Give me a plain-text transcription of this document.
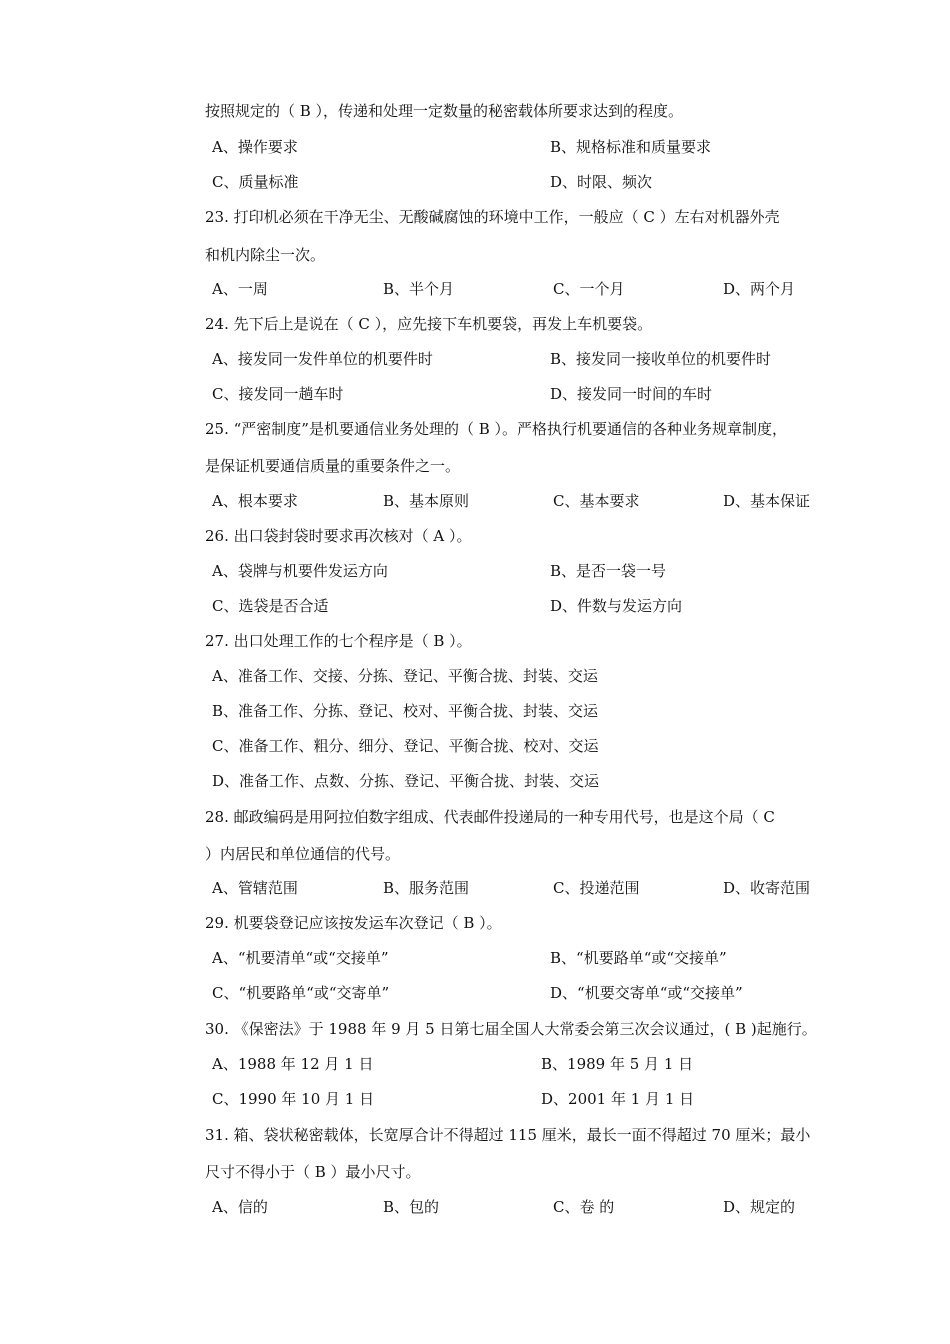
按照规定的（ B ），传递和处理一定数量的秘密载体所要求达到的程度。
A、操作要求	B、规格标准和质量要求
C、质量标准	D、时限、频次
23. 打印机必须在干净无尘、无酸碱腐蚀的环境中工作，一般应（ C ）左右对机器外壳
和机内除尘一次。
A、一周	B、半个月	C、一个月	D、两个月
24. 先下后上是说在（ C ），应先接下车机要袋，再发上车机要袋。
A、接发同一发件单位的机要件时	B、接发同一接收单位的机要件时
C、接发同一趟车时	D、接发同一时间的车时
25. “严密制度”是机要通信业务处理的（ B ）。严格执行机要通信的各种业务规章制度，
是保证机要通信质量的重要条件之一。
A、根本要求	B、基本原则	C、基本要求	D、基本保证
26. 出口袋封袋时要求再次核对（ A ）。
A、袋牌与机要件发运方向	B、是否一袋一号
C、选袋是否合适	D、件数与发运方向
27. 出口处理工作的七个程序是（ B ）。
A、准备工作、交接、分拣、登记、平衡合拢、封装、交运
B、准备工作、分拣、登记、校对、平衡合拢、封装、交运
C、准备工作、粗分、细分、登记、平衡合拢、校对、交运
D、准备工作、点数、分拣、登记、平衡合拢、封装、交运
28. 邮政编码是用阿拉伯数字组成、代表邮件投递局的一种专用代号，也是这个局（ C
）内居民和单位通信的代号。
A、管辖范围	B、服务范围	C、投递范围	D、收寄范围
29. 机要袋登记应该按发运车次登记（ B ）。
A、“机要清单“或“交接单”	B、“机要路单“或“交接单”
C、“机要路单“或“交寄单”	D、“机要交寄单“或“交接单”
30. 《保密法》于 1988 年 9 月 5 日第七届全国人大常委会第三次会议通过，( B )起施行。
A、1988 年 12 月 1 日	B、1989 年 5 月 1 日
C、1990 年 10 月 1 日	D、2001 年 1 月 1 日
31. 箱、袋状秘密载体，长宽厚合计不得超过 115 厘米，最长一面不得超过 70 厘米；最小
尺寸不得小于（ B ）最小尺寸。
A、信的	B、包的	C、卷 的	D、规定的
